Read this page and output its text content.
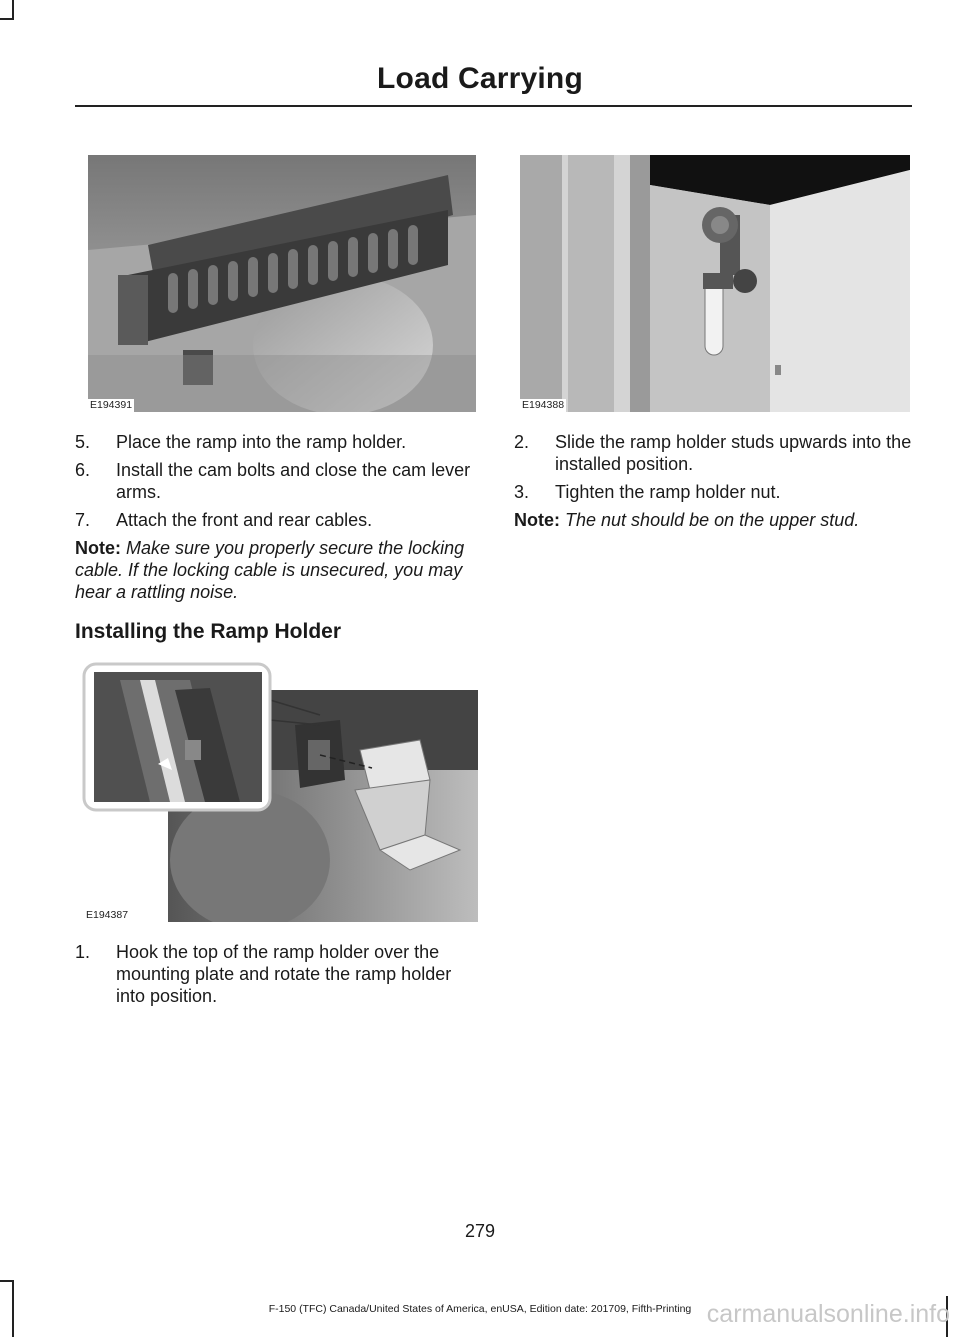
Load Carrying
E194391	E194388
E194387
5. Place the ramp into the ramp holder.
6. Install the cam bolts and close the cam lever arms.
7. Attach the front and rear cables.
Note: Make sure you properly secure the locking cable. If the locking cable is unsecured, you may hear a rattling noise.
Installing the Ramp Holder
1. Hook the top of the ramp holder over the mounting plate and rotate the ramp holder into position.
2. Slide the ramp holder studs upwards into the installed position.
3. Tighten the ramp holder nut.
Note: The nut should be on the upper stud.
279
F-150 (TFC) Canada/United States of America, enUSA, Edition date: 201709, Fifth-Printing carmanualsonline.info
